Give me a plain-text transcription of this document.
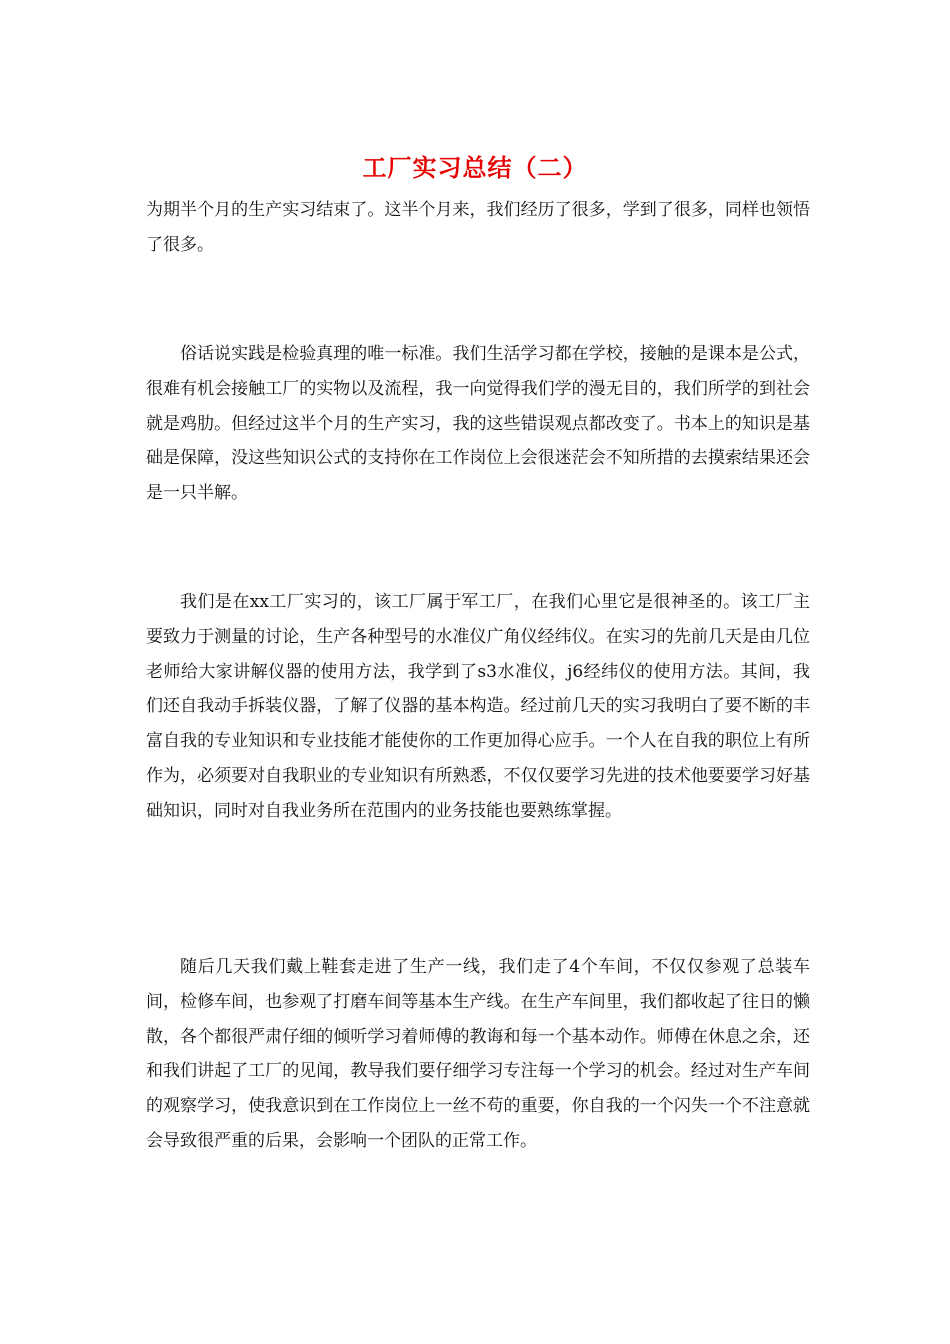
工厂实习总结（二）

为期半个月的生产实习结束了。这半个月来，我们经历了很多，学到了很多，同样也领悟了很多。

俗话说实践是检验真理的唯一标准。我们生活学习都在学校，接触的是课本是公式，很难有机会接触工厂的实物以及流程，我一向觉得我们学的漫无目的，我们所学的到社会就是鸡肋。但经过这半个月的生产实习，我的这些错误观点都改变了。书本上的知识是基础是保障，没这些知识公式的支持你在工作岗位上会很迷茫会不知所措的去摸索结果还会是一只半解。

我们是在xx工厂实习的，该工厂属于军工厂，在我们心里它是很神圣的。该工厂主要致力于测量的讨论，生产各种型号的水准仪广角仪经纬仪。在实习的先前几天是由几位老师给大家讲解仪器的使用方法，我学到了s3水准仪，j6经纬仪的使用方法。其间，我们还自我动手拆装仪器，了解了仪器的基本构造。经过前几天的实习我明白了要不断的丰富自我的专业知识和专业技能才能使你的工作更加得心应手。一个人在自我的职位上有所作为，必须要对自我职业的专业知识有所熟悉，不仅仅要学习先进的技术他要要学习好基础知识，同时对自我业务所在范围内的业务技能也要熟练掌握。

随后几天我们戴上鞋套走进了生产一线，我们走了4个车间，不仅仅参观了总装车间，检修车间，也参观了打磨车间等基本生产线。在生产车间里，我们都收起了往日的懒散，各个都很严肃仔细的倾听学习着师傅的教诲和每一个基本动作。师傅在休息之余，还和我们讲起了工厂的见闻，教导我们要仔细学习专注每一个学习的机会。经过对生产车间的观察学习，使我意识到在工作岗位上一丝不苟的重要，你自我的一个闪失一个不注意就会导致很严重的后果，会影响一个团队的正常工作。
